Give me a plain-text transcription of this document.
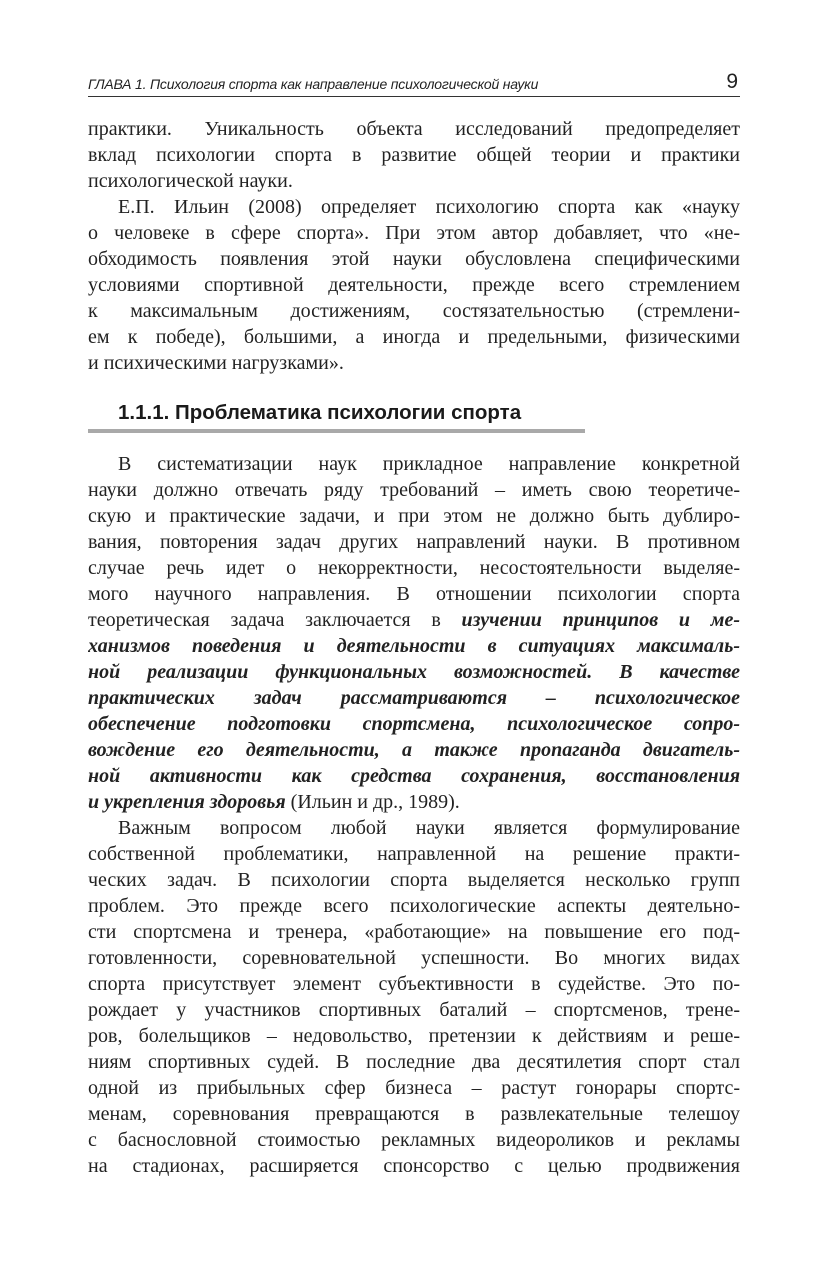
ГЛАВА 1. Психология спорта как направление психологической науки	9
практики. Уникальность объекта исследований предопределяет
вклад психологии спорта в развитие общей теории и практики
психологической науки.
Е.П. Ильин (2008) определяет психологию спорта как «науку
о человеке в сфере спорта». При этом автор добавляет, что «не-
обходимость появления этой науки обусловлена специфическими
условиями спортивной деятельности, прежде всего стремлением
к максимальным достижениям, состязательностью (стремлени-
ем к победе), большими, а иногда и предельными, физическими
и психическими нагрузками».
1.1.1. Проблематика психологии спорта
В систематизации наук прикладное направление конкретной
науки должно отвечать ряду требований – иметь свою теоретиче-
скую и практические задачи, и при этом не должно быть дублиро-
вания, повторения задач других направлений науки. В противном
случае речь идет о некорректности, несостоятельности выделяе-
мого научного направления. В отношении психологии спорта
теоретическая задача заключается в изучении принципов и ме-
ханизмов поведения и деятельности в ситуациях максималь-
ной реализации функциональных возможностей. В качестве
практических задач рассматриваются – психологическое
обеспечение подготовки спортсмена, психологическое сопро-
вождение его деятельности, а также пропаганда двигатель-
ной активности как средства сохранения, восстановления
и укрепления здоровья (Ильин и др., 1989).
Важным вопросом любой науки является формулирование
собственной проблематики, направленной на решение практи-
ческих задач. В психологии спорта выделяется несколько групп
проблем. Это прежде всего психологические аспекты деятельно-
сти спортсмена и тренера, «работающие» на повышение его под-
готовленности, соревновательной успешности. Во многих видах
спорта присутствует элемент субъективности в судействе. Это по-
рождает у участников спортивных баталий – спортсменов, трене-
ров, болельщиков – недовольство, претензии к действиям и реше-
ниям спортивных судей. В последние два десятилетия спорт стал
одной из прибыльных сфер бизнеса – растут гонорары спортс-
менам, соревнования превращаются в развлекательные телешоу
с баснословной стоимостью рекламных видеороликов и рекламы
на стадионах, расширяется спонсорство с целью продвижения
